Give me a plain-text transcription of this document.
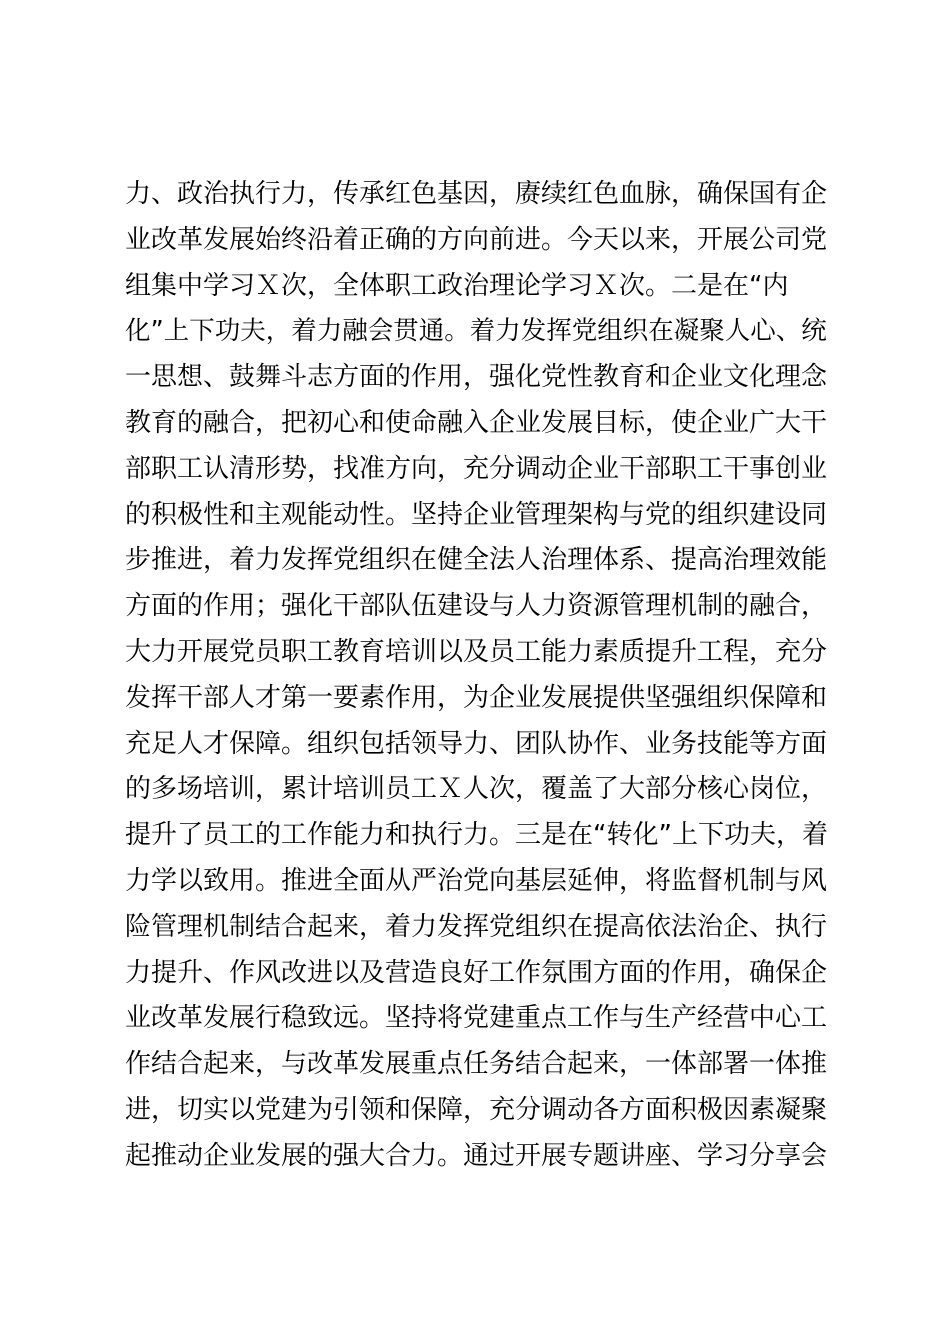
力、政治执行力，传承红色基因，赓续红色血脉，确保国有企
业改革发展始终沿着正确的方向前进。今天以来，开展公司党
组集中学习Ｘ次，全体职工政治理论学习Ｘ次。二是在“内
化”上下功夫，着力融会贯通。着力发挥党组织在凝聚人心、统
一思想、鼓舞斗志方面的作用，强化党性教育和企业文化理念
教育的融合，把初心和使命融入企业发展目标，使企业广大干
部职工认清形势，找准方向，充分调动企业干部职工干事创业
的积极性和主观能动性。坚持企业管理架构与党的组织建设同
步推进，着力发挥党组织在健全法人治理体系、提高治理效能
方面的作用；强化干部队伍建设与人力资源管理机制的融合，
大力开展党员职工教育培训以及员工能力素质提升工程，充分
发挥干部人才第一要素作用，为企业发展提供坚强组织保障和
充足人才保障。组织包括领导力、团队协作、业务技能等方面
的多场培训，累计培训员工Ｘ人次，覆盖了大部分核心岗位，
提升了员工的工作能力和执行力。三是在“转化”上下功夫，着
力学以致用。推进全面从严治党向基层延伸，将监督机制与风
险管理机制结合起来，着力发挥党组织在提高依法治企、执行
力提升、作风改进以及营造良好工作氛围方面的作用，确保企
业改革发展行稳致远。坚持将党建重点工作与生产经营中心工
作结合起来，与改革发展重点任务结合起来，一体部署一体推
进，切实以党建为引领和保障，充分调动各方面积极因素凝聚
起推动企业发展的强大合力。通过开展专题讲座、学习分享会
